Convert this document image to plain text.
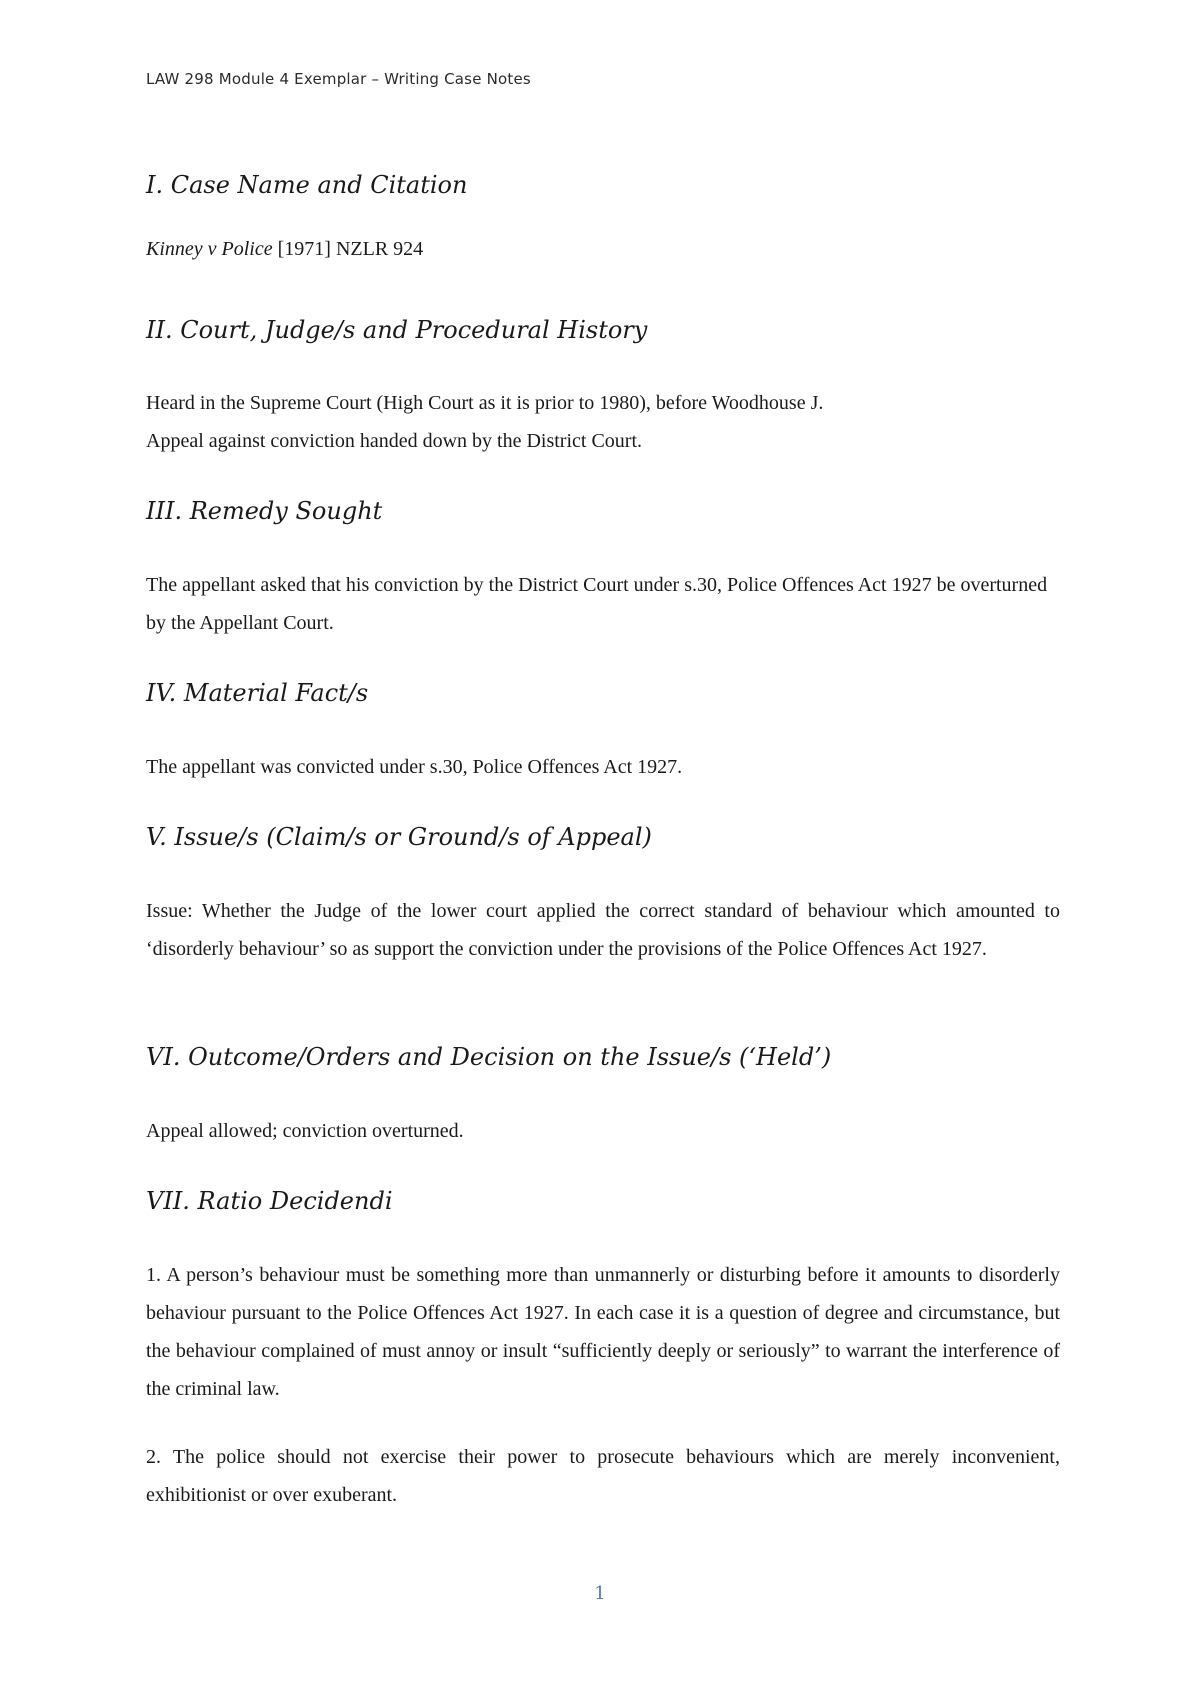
LAW 298 Module 4 Exemplar – Writing Case Notes
I. Case Name and Citation

Kinney v Police [1971] NZLR 924

II. Court, Judge/s and Procedural History

Heard in the Supreme Court (High Court as it is prior to 1980), before Woodhouse J.

Appeal against conviction handed down by the District Court.

III. Remedy Sought

The appellant asked that his conviction by the District Court under s.30, Police Offences Act 1927 be overturned by the Appellant Court.

IV. Material Fact/s

The appellant was convicted under s.30, Police Offences Act 1927.

V. Issue/s (Claim/s or Ground/s of Appeal)

Issue: Whether the Judge of the lower court applied the correct standard of behaviour which amounted to ‘disorderly behaviour’ so as support the conviction under the provisions of the Police Offences Act 1927.

VI. Outcome/Orders and Decision on the Issue/s (‘Held’)

Appeal allowed; conviction overturned.

VII. Ratio Decidendi

1. A person’s behaviour must be something more than unmannerly or disturbing before it amounts to disorderly behaviour pursuant to the Police Offences Act 1927. In each case it is a question of degree and circumstance, but the behaviour complained of must annoy or insult “sufficiently deeply or seriously” to warrant the interference of the criminal law.

2. The police should not exercise their power to prosecute behaviours which are merely inconvenient, exhibitionist or over exuberant.

1
